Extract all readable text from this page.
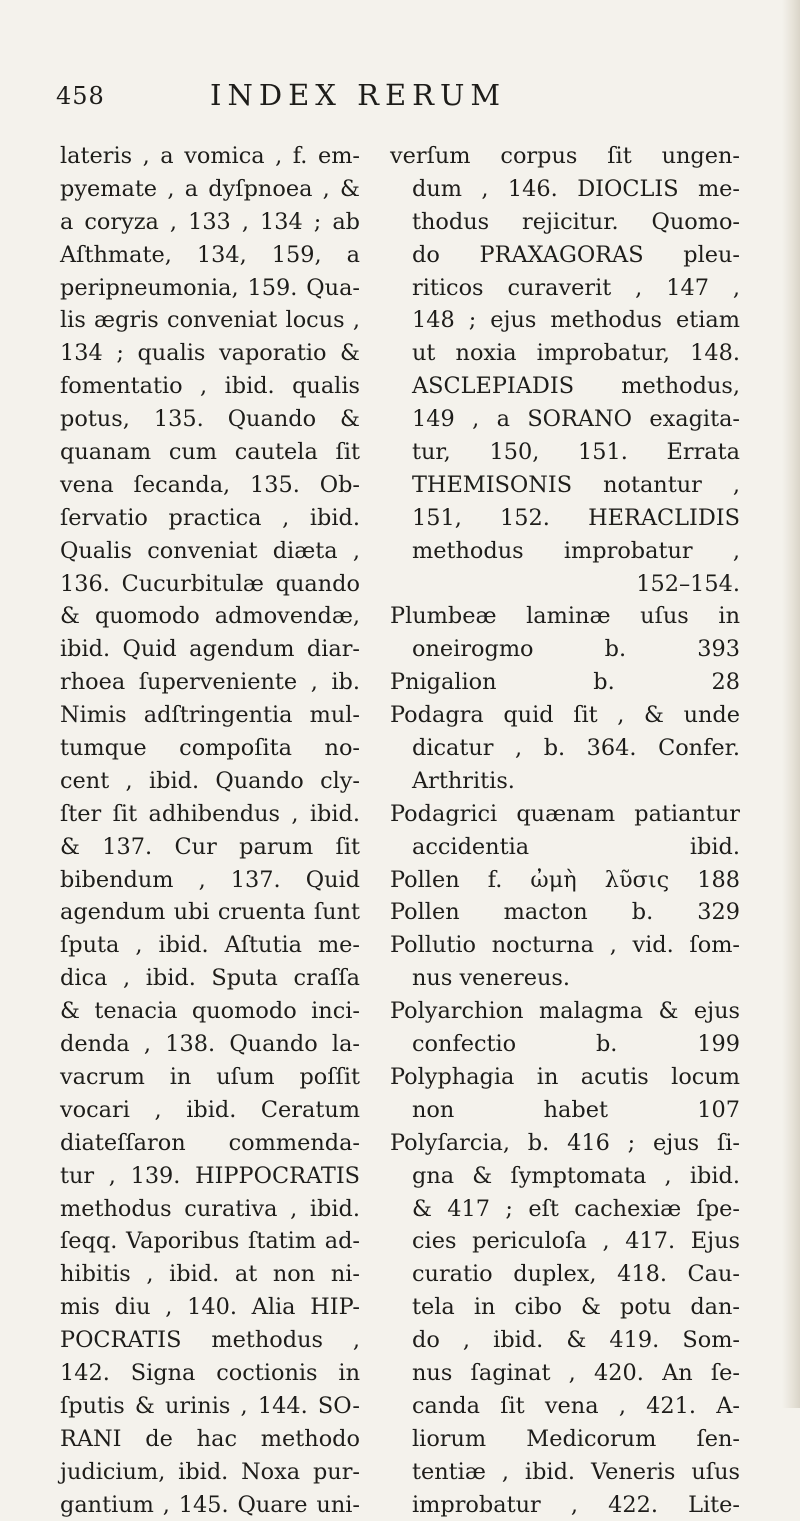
458	INDEX RERUM
lateris , a vomica , f. em-
pyemate , a dyſpnoea , &
a coryza , 133 , 134 ; ab
Aſthmate, 134, 159, a
peripneumonia, 159. Qua-
lis ægris conveniat locus ,
134 ; qualis vaporatio &
fomentatio , ibid. qualis
potus, 135. Quando &
quanam cum cautela ſit
vena ſecanda, 135. Ob-
ſervatio practica , ibid.
Qualis conveniat diæta ,
136. Cucurbitulæ quando
& quomodo admovendæ,
ibid. Quid agendum diar-
rhoea ſuperveniente , ib.
Nimis adſtringentia mul-
tumque compoſita no-
cent , ibid. Quando cly-
ſter ſit adhibendus , ibid.
& 137. Cur parum ſit
bibendum , 137. Quid
agendum ubi cruenta ſunt
ſputa , ibid. Aſtutia me-
dica , ibid. Sputa craſſa
& tenacia quomodo inci-
denda , 138. Quando la-
vacrum in uſum poſſit
vocari , ibid. Ceratum
diateſſaron commenda-
tur , 139. HIPPOCRATIS
methodus curativa , ibid.
ſeqq. Vaporibus ſtatim ad-
hibitis , ibid. at non ni-
mis diu , 140. Alia HIP-
POCRATIS methodus ,
142. Signa coctionis in
ſputis & urinis , 144. SO-
RANI de hac methodo
judicium, ibid. Noxa pur-
gantium , 145. Quare uni-
verſum corpus ſit ungen-
dum , 146. DIOCLIS me-
thodus rejicitur. Quomo-
do PRAXAGORAS pleu-
riticos curaverit , 147 ,
148 ; ejus methodus etiam
ut noxia improbatur, 148.
ASCLEPIADIS methodus,
149 , a SORANO exagita-
tur, 150, 151. Errata
THEMISONIS notantur ,
151, 152. HERACLIDIS
methodus improbatur ,
152–154.
Plumbeæ laminæ uſus in
oneirogmo b. 393
Pnigalion b. 28
Podagra quid ſit , & unde
dicatur , b. 364. Confer.
Arthritis.
Podagrici quænam patiantur
accidentia ibid.
Pollen f. ὠμὴ λῦσις 188
Pollen macton b. 329
Pollutio nocturna , vid. ſom-
nus venereus.
Polyarchion malagma & ejus
confectio b. 199
Polyphagia in acutis locum
non habet 107
Polyſarcia, b. 416 ; ejus ſi-
gna & ſymptomata , ibid.
& 417 ; eſt cachexiæ ſpe-
cies periculoſa , 417. Ejus
curatio duplex, 418. Cau-
tela in cibo & potu dan-
do , ibid. & 419. Som-
nus ſaginat , 420. An ſe-
canda ſit vena , 421. A-
liorum Medicorum ſen-
tentiæ , ibid. Veneris uſus
improbatur , 422. Lite-
